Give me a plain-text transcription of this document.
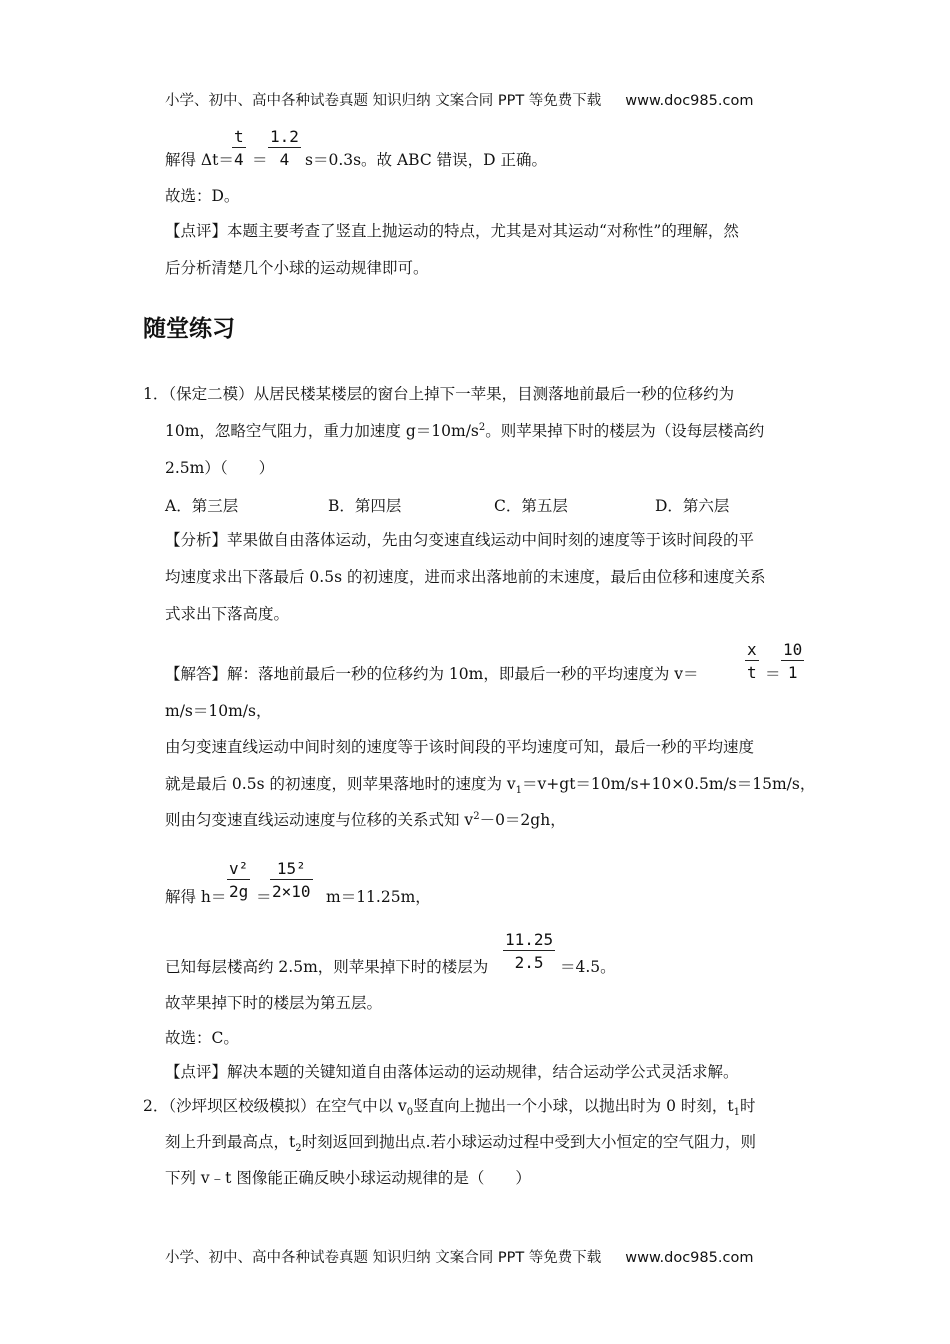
小学、初中、高中各种试卷真题 知识归纳 文案合同 PPT 等免费下载 www.doc985.com
解得 Δt＝
$\frac{t}{4} = \frac{1.2}{4} s=0.3s$。故 ABC 错误，D 正确。
故选：D。
【点评】本题主要考查了竖直上抛运动的特点，尤其是对其运动“对称性”的理解，然
后分析清楚几个小球的运动规律即可。
随堂练习
1．（保定二模）从居民楼某楼层的窗台上掉下一苹果，目测落地前最后一秒的位移约为
10m，忽略空气阻力，重力加速度 $g=10m/s^2$。则苹果掉下时的楼层为（设每层楼高约
2.5m）（　　）
A．第三层	B．第四层	C．第五层	D．第六层
【分析】苹果做自由落体运动，先由匀变速直线运动中间时刻的速度等于该时间段的平
均速度求出下落最后 0.5s 的初速度，进而求出落地前的末速度，最后由位移和速度关系
式求出下落高度。
【解答】解：落地前最后一秒的位移约为 10m，即最后一秒的平均速度为 v＝	$\frac{x}{t} = \frac{10}{1}$
m/s＝10m/s，
由匀变速直线运动中间时刻的速度等于该时间段的平均速度可知，最后一秒的平均速度
就是最后 0.5s 的初速度，则苹果落地时的速度为 $v_1=v+gt=10m/s+10\times 0.5m/s=15m/s$，
则由匀变速直线运动速度与位移的关系式知 $v^2-0=2gh$，
解得 $h= \frac{\text{v²}}{2g}$ ＝
$\frac{\text{15²}}{2\times 10} m=11.25m$，
已知每层楼高约 2.5m，则苹果掉下时的楼层为 $\frac{11.25}{2.5} =4.5$。
故苹果掉下时的楼层为第五层。
故选：C。
【点评】解决本题的关键知道自由落体运动的运动规律，结合运动学公式灵活求解。
2．（沙坪坝区校级模拟）在空气中以 $v_0$竖直向上抛出一个小球，以抛出时为 0 时刻，$t_1$时
刻上升到最高点，$t_2$时刻返回到抛出点.若小球运动过程中受到大小恒定的空气阻力，则
下列 v﹣t 图像能正确反映小球运动规律的是（　　）
小学、初中、高中各种试卷真题 知识归纳 文案合同 PPT 等免费下载 www.doc985.com
